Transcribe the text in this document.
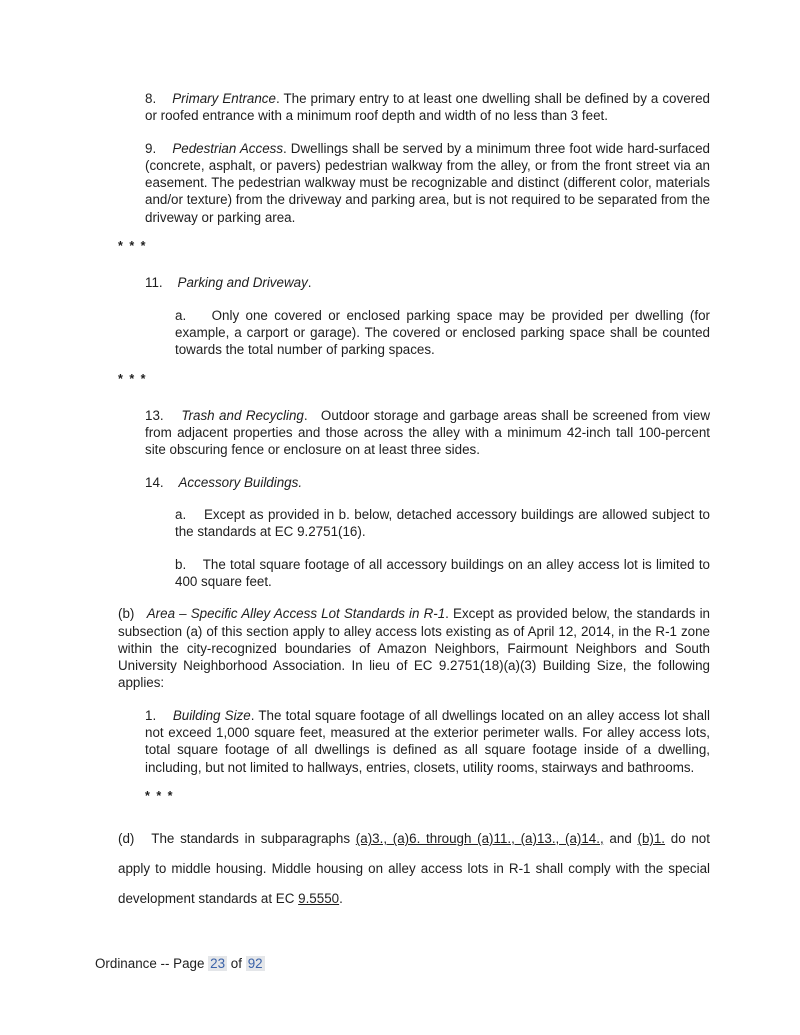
8.    Primary Entrance. The primary entry to at least one dwelling shall be defined by a covered or roofed entrance with a minimum roof depth and width of no less than 3 feet.

9.    Pedestrian Access. Dwellings shall be served by a minimum three foot wide hard-surfaced (concrete, asphalt, or pavers) pedestrian walkway from the alley, or from the front street via an easement. The pedestrian walkway must be recognizable and distinct (different color, materials and/or texture) from the driveway and parking area, but is not required to be separated from the driveway or parking area.

* * *

11.    Parking and Driveway.

a.    Only one covered or enclosed parking space may be provided per dwelling (for example, a carport or garage). The covered or enclosed parking space shall be counted towards the total number of parking spaces.

* * *

13.    Trash and Recycling.   Outdoor storage and garbage areas shall be screened from view from adjacent properties and those across the alley with a minimum 42-inch tall 100-percent site obscuring fence or enclosure on at least three sides.

14.    Accessory Buildings.

a.    Except as provided in b. below, detached accessory buildings are allowed subject to the standards at EC 9.2751(16).

b.    The total square footage of all accessory buildings on an alley access lot is limited to 400 square feet.

(b)   Area – Specific Alley Access Lot Standards in R-1. Except as provided below, the standards in subsection (a) of this section apply to alley access lots existing as of April 12, 2014, in the R-1 zone within the city-recognized boundaries of Amazon Neighbors, Fairmount Neighbors and South University Neighborhood Association. In lieu of EC 9.2751(18)(a)(3) Building Size, the following applies:

1.    Building Size. The total square footage of all dwellings located on an alley access lot shall not exceed 1,000 square feet, measured at the exterior perimeter walls. For alley access lots, total square footage of all dwellings is defined as all square footage inside of a dwelling, including, but not limited to hallways, entries, closets, utility rooms, stairways and bathrooms.

* * *

(d)   The standards in subparagraphs (a)3., (a)6. through (a)11., (a)13., (a)14., and (b)1. do not apply to middle housing. Middle housing on alley access lots in R-1 shall comply with the special development standards at EC 9.5550.

Ordinance -- Page 23 of 92
